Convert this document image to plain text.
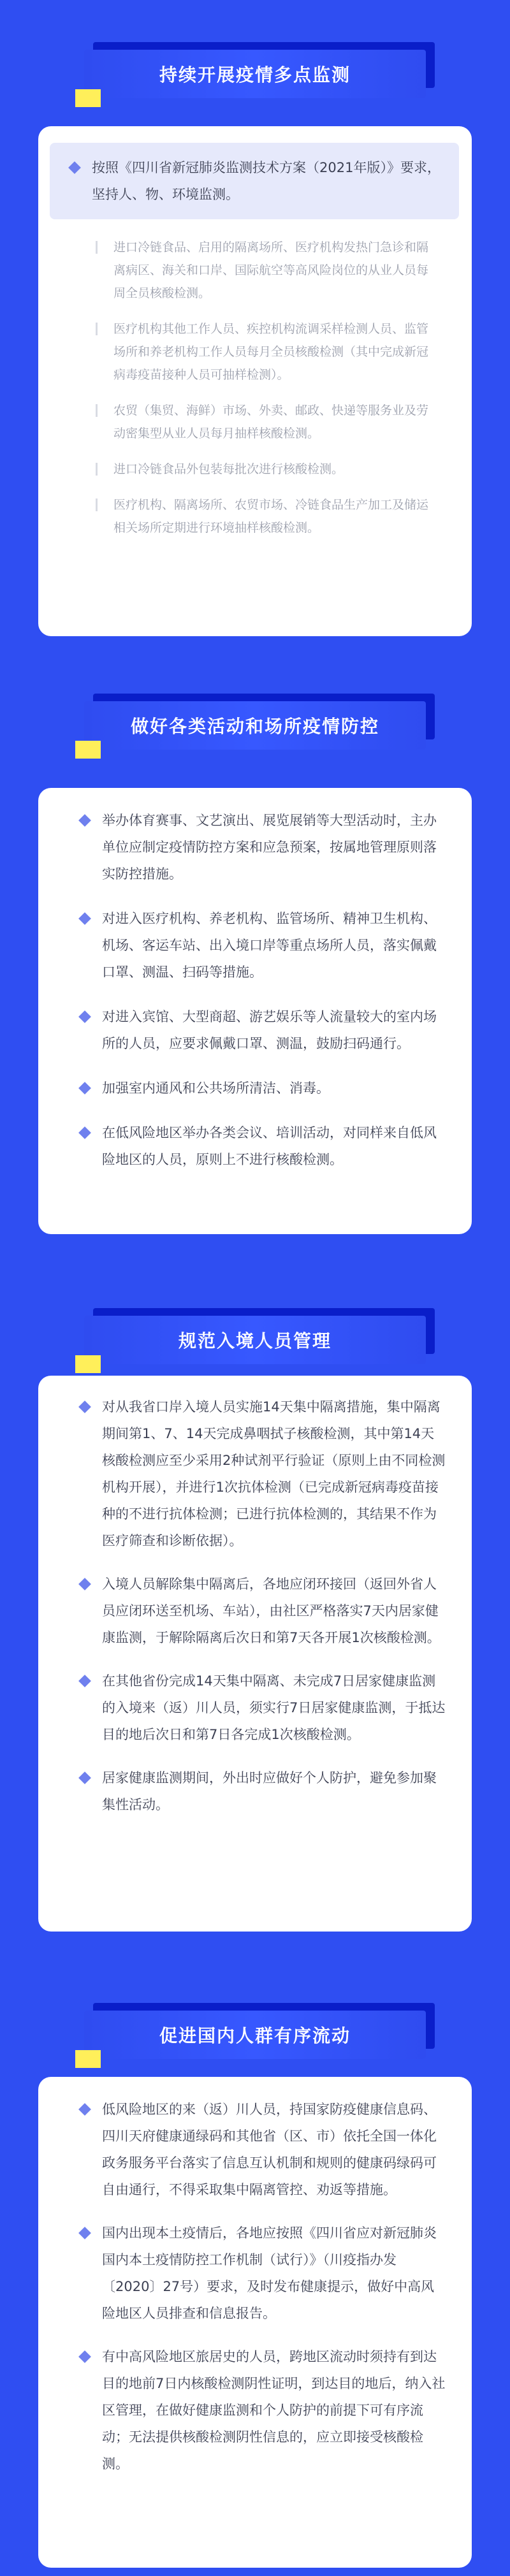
持续开展疫情多点监测
按照《四川省新冠肺炎监测技术方案（2021年版）》要求，坚持人、物、环境监测。
进口冷链食品、启用的隔离场所、医疗机构发热门急诊和隔离病区、海关和口岸、国际航空等高风险岗位的从业人员每周全员核酸检测。
医疗机构其他工作人员、疾控机构流调采样检测人员、监管场所和养老机构工作人员每月全员核酸检测（其中完成新冠病毒疫苗接种人员可抽样检测）。
农贸（集贸、海鲜）市场、外卖、邮政、快递等服务业及劳动密集型从业人员每月抽样核酸检测。
进口冷链食品外包装每批次进行核酸检测。
医疗机构、隔离场所、农贸市场、冷链食品生产加工及储运相关场所定期进行环境抽样核酸检测。
做好各类活动和场所疫情防控
举办体育赛事、文艺演出、展览展销等大型活动时，主办单位应制定疫情防控方案和应急预案，按属地管理原则落实防控措施。
对进入医疗机构、养老机构、监管场所、精神卫生机构、机场、客运车站、出入境口岸等重点场所人员，落实佩戴口罩、测温、扫码等措施。
对进入宾馆、大型商超、游艺娱乐等人流量较大的室内场所的人员，应要求佩戴口罩、测温，鼓励扫码通行。
加强室内通风和公共场所清洁、消毒。
在低风险地区举办各类会议、培训活动，对同样来自低风险地区的人员，原则上不进行核酸检测。
规范入境人员管理
对从我省口岸入境人员实施14天集中隔离措施，集中隔离期间第1、7、14天完成鼻咽拭子核酸检测，其中第14天核酸检测应至少采用2种试剂平行验证（原则上由不同检测机构开展），并进行1次抗体检测（已完成新冠病毒疫苗接种的不进行抗体检测；已进行抗体检测的，其结果不作为医疗筛查和诊断依据）。
入境人员解除集中隔离后，各地应闭环接回（返回外省人员应闭环送至机场、车站），由社区严格落实7天内居家健康监测，于解除隔离后次日和第7天各开展1次核酸检测。
在其他省份完成14天集中隔离、未完成7日居家健康监测的入境来（返）川人员，须实行7日居家健康监测，于抵达目的地后次日和第7日各完成1次核酸检测。
居家健康监测期间，外出时应做好个人防护，避免参加聚集性活动。
促进国内人群有序流动
低风险地区的来（返）川人员，持国家防疫健康信息码、四川天府健康通绿码和其他省（区、市）依托全国一体化政务服务平台落实了信息互认机制和规则的健康码绿码可自由通行，不得采取集中隔离管控、劝返等措施。
国内出现本土疫情后，各地应按照《四川省应对新冠肺炎国内本土疫情防控工作机制（试行）》（川疫指办发〔2020〕27号）要求，及时发布健康提示，做好中高风险地区人员排查和信息报告。
有中高风险地区旅居史的人员，跨地区流动时须持有到达目的地前7日内核酸检测阴性证明，到达目的地后，纳入社区管理，在做好健康监测和个人防护的前提下可有序流动；无法提供核酸检测阴性信息的，应立即接受核酸检测。
